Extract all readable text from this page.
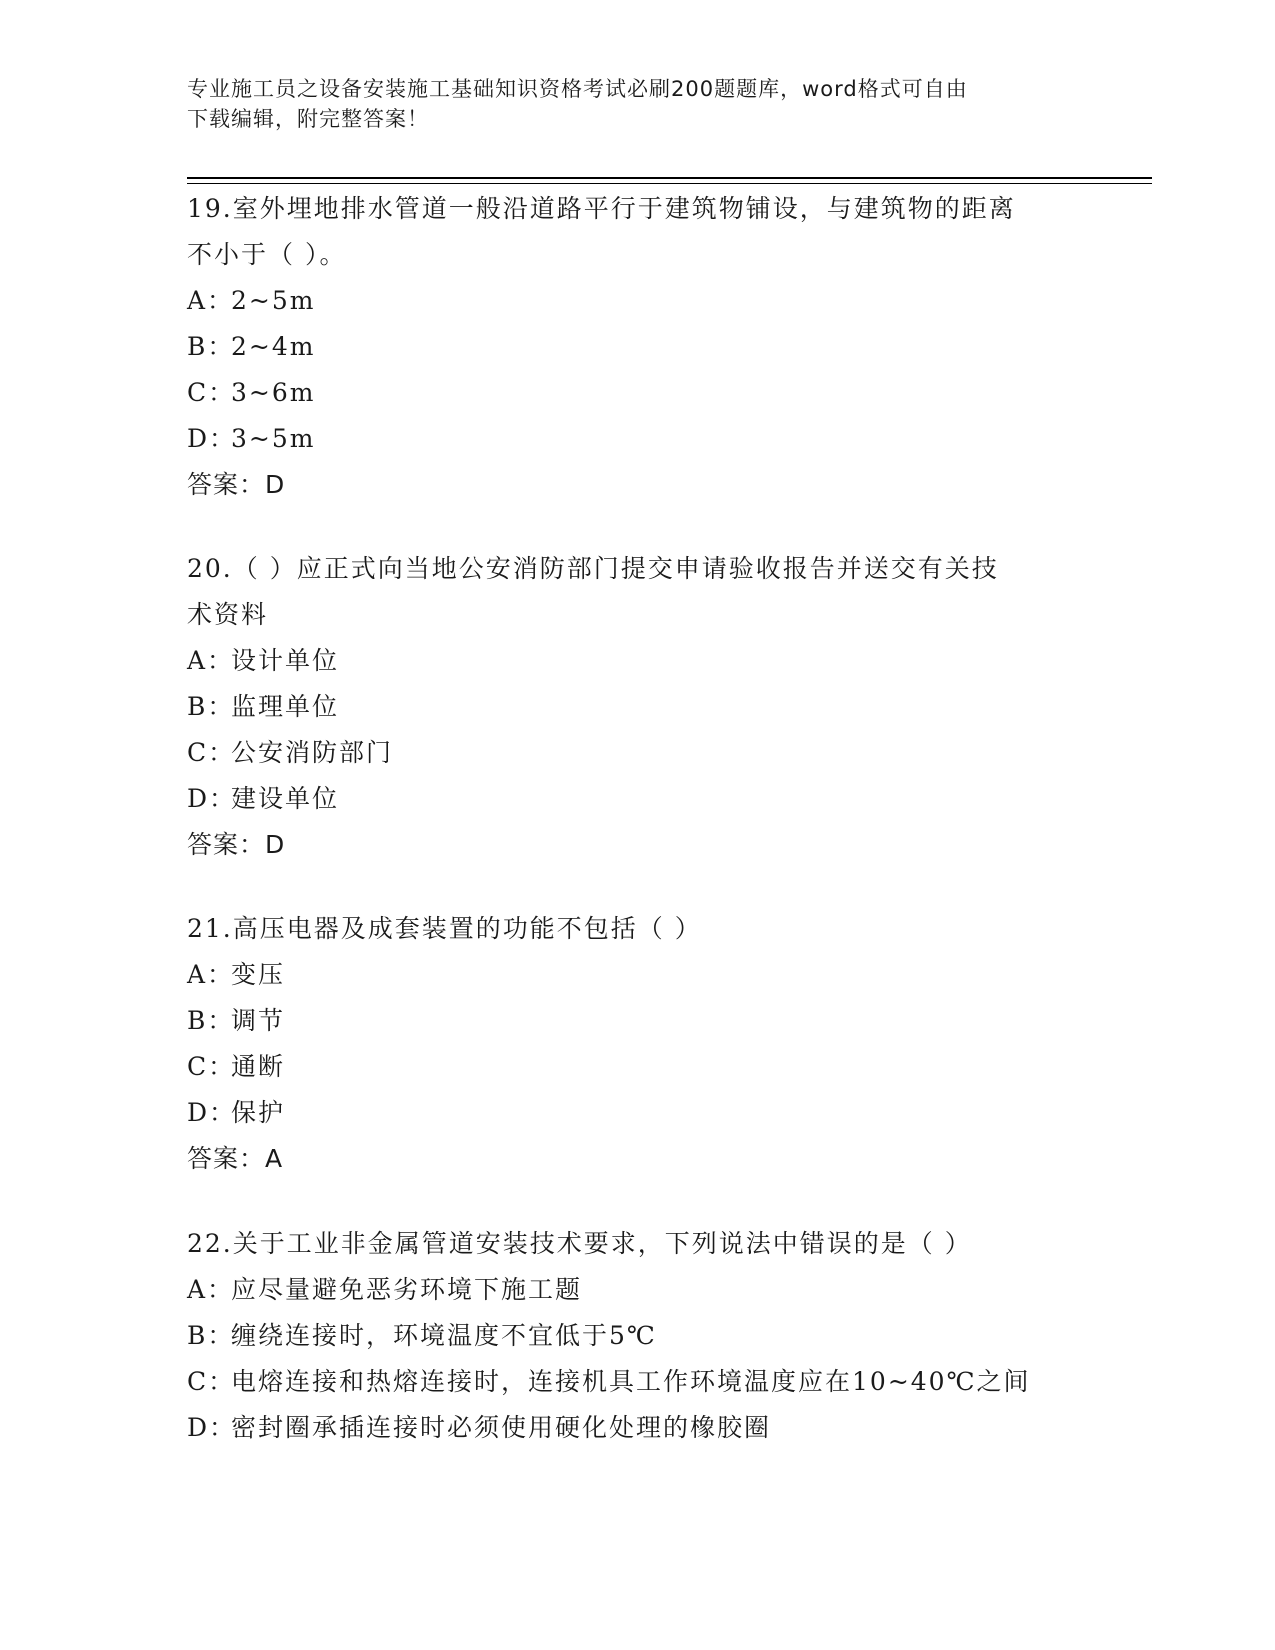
专业施工员之设备安装施工基础知识资格考试必刷200题题库，word格式可自由
下载编辑，附完整答案！

19.室外埋地排水管道一般沿道路平行于建筑物铺设，与建筑物的距离

不小于（ ）。

A：2~5m

B：2~4m

C：3~6m

D：3~5m

答案：D

20.（ ）应正式向当地公安消防部门提交申请验收报告并送交有关技

术资料

A：设计单位

B：监理单位

C：公安消防部门

D：建设单位

答案：D

21.高压电器及成套装置的功能不包括（ ）

A：变压

B：调节

C：通断

D：保护

答案：A

22.关于工业非金属管道安装技术要求，下列说法中错误的是（ ）

A：应尽量避免恶劣环境下施工题

B：缠绕连接时，环境温度不宜低于5℃

C：电熔连接和热熔连接时，连接机具工作环境温度应在10~40℃之间

D：密封圈承插连接时必须使用硬化处理的橡胶圈
